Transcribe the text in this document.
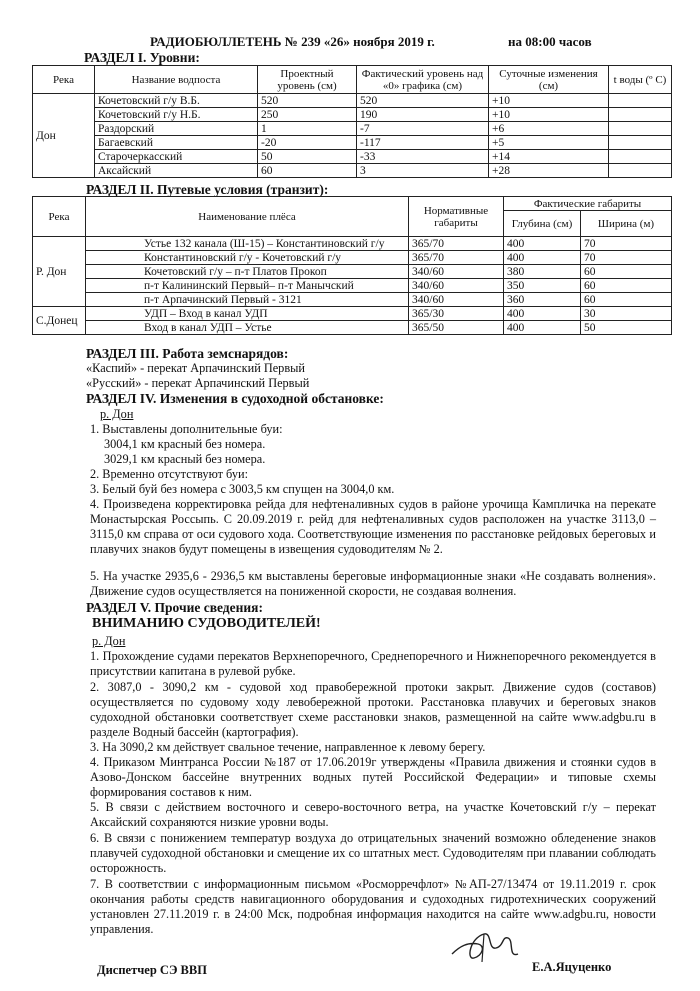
РАДИОБЮЛЛЕТЕНЬ № 239 «26» ноября 2019 г.	на 08:00 часов
РАЗДЕЛ I. Уровни:
Река	Название водпоста	Проектный уровень (см)	Фактический уровень над «0» графика (см)	Суточные изменения (см)	t воды (º C)
Дон	Кочетовский г/у В.Б.	520	520	+10	
	Кочетовский г/у Н.Б.	250	190	+10	
	Раздорский	1	-7	+6	
	Багаевский	-20	-117	+5	
	Старочеркасский	50	-33	+14	
	Аксайский	60	3	+28	
РАЗДЕЛ II. Путевые условия (транзит):
Река	Наименование плёса	Нормативные габариты	Фактические габариты	
			Глубина (см)	Ширина (м)
Р. Дон	Устье 132 канала (Ш-15) – Константиновский г/у	365/70	400	70
	Константиновский г/у - Кочетовский г/у	365/70	400	70
	Кочетовский г/у – п-т Платов Прокоп	340/60	380	60
	п-т Калининский Первый– п-т Манычский	340/60	350	60
	п-т Арпачинский Первый - 3121	340/60	360	60
С.Донец	УДП – Вход в канал УДП	365/30	400	30
	Вход в канал УДП – Устье	365/50	400	50
РАЗДЕЛ III. Работа земснарядов:
«Каспий» - перекат Арпачинский Первый
«Русский» - перекат Арпачинский Первый
РАЗДЕЛ IV. Изменения в судоходной обстановке:
р. Дон
1. Выставлены дополнительные буи:
3004,1 км красный без номера.
3029,1 км красный без номера.
2. Временно отсутствуют буи:
3. Белый буй без номера с 3003,5 км спущен на 3004,0 км.
4. Произведена корректировка рейда для нефтеналивных судов в районе урочища Кампличка на перекате Монастырская Россыпь. С 20.09.2019 г. рейд для нефтеналивных судов расположен на участке 3113,0 – 3115,0 км справа от оси судового хода. Соответствующие изменения по расстановке рейдовых береговых и плавучих знаков будут помещены в извещения судоводителям № 2.
5. На участке 2935,6 - 2936,5 км выставлены береговые информационные знаки «Не создавать волнения». Движение судов осуществляется на пониженной скорости, не создавая волнения.
РАЗДЕЛ V. Прочие сведения:
ВНИМАНИЮ СУДОВОДИТЕЛЕЙ!
р. Дон
1. Прохождение судами перекатов Верхнепоречного, Среднепоречного и Нижнепоречного рекомендуется в присутствии капитана в рулевой рубке.
2. 3087,0 - 3090,2 км - судовой ход правобережной протоки закрыт. Движение судов (составов) осуществляется по судовому ходу левобережной протоки. Расстановка плавучих и береговых знаков судоходной обстановки соответствует схеме расстановки знаков, размещенной на сайте www.adgbu.ru в разделе Водный бассейн (картография).
3. На 3090,2 км действует свальное течение, направленное к левому берегу.
4. Приказом Минтранса России №187 от 17.06.2019г утверждены «Правила движения и стоянки судов в Азово-Донском бассейне внутренних водных путей Российской Федерации» и типовые схемы формирования составов к ним.
5. В связи с действием восточного и северо-восточного ветра, на участке Кочетовский г/у – перекат Аксайский сохраняются низкие уровни воды.
6. В связи с понижением температур воздуха до отрицательных значений возможно обледенение знаков плавучей судоходной обстановки и смещение их со штатных мест. Судоводителям при плавании соблюдать осторожность.
7. В соответствии с информационным письмом «Росморречфлот» №АП-27/13474 от 19.11.2019 г. срок окончания работы средств навигационного оборудования и судоходных гидротехнических сооружений установлен 27.11.2019 г. в 24:00 Мск, подробная информация находится на сайте www.adgbu.ru, новости управления.
Диспетчер СЭ ВВП	Е.А.Яцуценко
